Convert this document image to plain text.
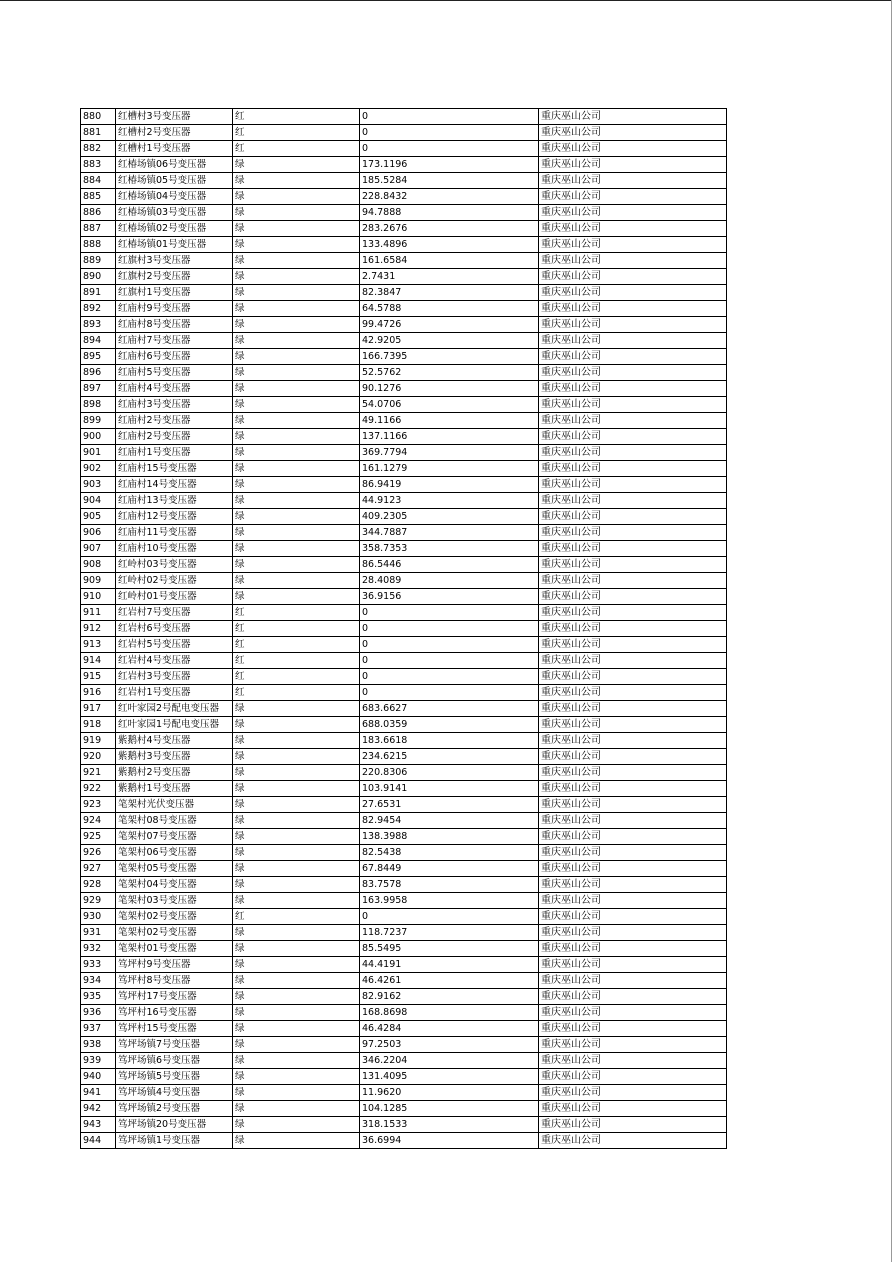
880	红槽村3号变压器	红	0	重庆巫山公司
881	红槽村2号变压器	红	0	重庆巫山公司
882	红槽村1号变压器	红	0	重庆巫山公司
883	红椿场镇06号变压器	绿	173.1196	重庆巫山公司
884	红椿场镇05号变压器	绿	185.5284	重庆巫山公司
885	红椿场镇04号变压器	绿	228.8432	重庆巫山公司
886	红椿场镇03号变压器	绿	94.7888	重庆巫山公司
887	红椿场镇02号变压器	绿	283.2676	重庆巫山公司
888	红椿场镇01号变压器	绿	133.4896	重庆巫山公司
889	红旗村3号变压器	绿	161.6584	重庆巫山公司
890	红旗村2号变压器	绿	2.7431	重庆巫山公司
891	红旗村1号变压器	绿	82.3847	重庆巫山公司
892	红庙村9号变压器	绿	64.5788	重庆巫山公司
893	红庙村8号变压器	绿	99.4726	重庆巫山公司
894	红庙村7号变压器	绿	42.9205	重庆巫山公司
895	红庙村6号变压器	绿	166.7395	重庆巫山公司
896	红庙村5号变压器	绿	52.5762	重庆巫山公司
897	红庙村4号变压器	绿	90.1276	重庆巫山公司
898	红庙村3号变压器	绿	54.0706	重庆巫山公司
899	红庙村2号变压器	绿	49.1166	重庆巫山公司
900	红庙村2号变压器	绿	137.1166	重庆巫山公司
901	红庙村1号变压器	绿	369.7794	重庆巫山公司
902	红庙村15号变压器	绿	161.1279	重庆巫山公司
903	红庙村14号变压器	绿	86.9419	重庆巫山公司
904	红庙村13号变压器	绿	44.9123	重庆巫山公司
905	红庙村12号变压器	绿	409.2305	重庆巫山公司
906	红庙村11号变压器	绿	344.7887	重庆巫山公司
907	红庙村10号变压器	绿	358.7353	重庆巫山公司
908	红岭村03号变压器	绿	86.5446	重庆巫山公司
909	红岭村02号变压器	绿	28.4089	重庆巫山公司
910	红岭村01号变压器	绿	36.9156	重庆巫山公司
911	红岩村7号变压器	红	0	重庆巫山公司
912	红岩村6号变压器	红	0	重庆巫山公司
913	红岩村5号变压器	红	0	重庆巫山公司
914	红岩村4号变压器	红	0	重庆巫山公司
915	红岩村3号变压器	红	0	重庆巫山公司
916	红岩村1号变压器	红	0	重庆巫山公司
917	红叶家园2号配电变压器	绿	683.6627	重庆巫山公司
918	红叶家园1号配电变压器	绿	688.0359	重庆巫山公司
919	紫鹅村4号变压器	绿	183.6618	重庆巫山公司
920	紫鹅村3号变压器	绿	234.6215	重庆巫山公司
921	紫鹅村2号变压器	绿	220.8306	重庆巫山公司
922	紫鹅村1号变压器	绿	103.9141	重庆巫山公司
923	笔架村光伏变压器	绿	27.6531	重庆巫山公司
924	笔架村08号变压器	绿	82.9454	重庆巫山公司
925	笔架村07号变压器	绿	138.3988	重庆巫山公司
926	笔架村06号变压器	绿	82.5438	重庆巫山公司
927	笔架村05号变压器	绿	67.8449	重庆巫山公司
928	笔架村04号变压器	绿	83.7578	重庆巫山公司
929	笔架村03号变压器	绿	163.9958	重庆巫山公司
930	笔架村02号变压器	红	0	重庆巫山公司
931	笔架村02号变压器	绿	118.7237	重庆巫山公司
932	笔架村01号变压器	绿	85.5495	重庆巫山公司
933	笃坪村9号变压器	绿	44.4191	重庆巫山公司
934	笃坪村8号变压器	绿	46.4261	重庆巫山公司
935	笃坪村17号变压器	绿	82.9162	重庆巫山公司
936	笃坪村16号变压器	绿	168.8698	重庆巫山公司
937	笃坪村15号变压器	绿	46.4284	重庆巫山公司
938	笃坪场镇7号变压器	绿	97.2503	重庆巫山公司
939	笃坪场镇6号变压器	绿	346.2204	重庆巫山公司
940	笃坪场镇5号变压器	绿	131.4095	重庆巫山公司
941	笃坪场镇4号变压器	绿	11.9620	重庆巫山公司
942	笃坪场镇2号变压器	绿	104.1285	重庆巫山公司
943	笃坪场镇20号变压器	绿	318.1533	重庆巫山公司
944	笃坪场镇1号变压器	绿	36.6994	重庆巫山公司
